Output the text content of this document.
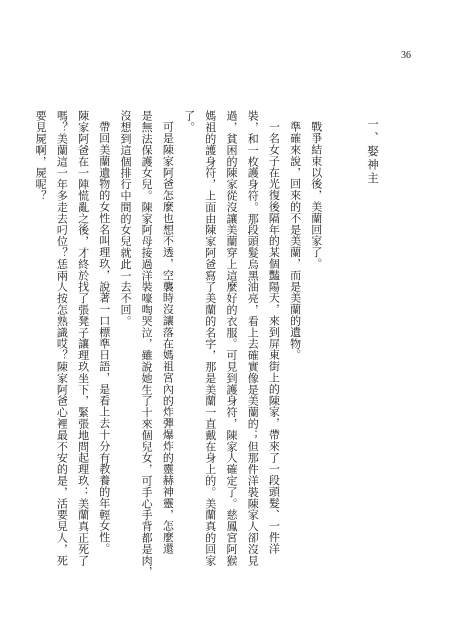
36
一、娶神主
戰爭結束以後，美蘭回家了。
準確來說，回來的不是美蘭，而是美蘭的遺物。
一名女子在光復後隔年的某個豔陽天，來到屏東街上的陳家，帶來了一段頭髮、一件洋
裝，和一枚護身符。那段頭髮烏黑油亮，看上去確實像是美蘭的；但那件洋裝陳家人卻沒見
過，貧困的陳家從沒讓美蘭穿上這麼好的衣服。可見到護身符，陳家人確定了。慈鳳宮阿猴
媽祖的護身符，上面由陳家阿爸寫了美蘭的名字，那是美蘭一直戴在身上的。美蘭真的回家
了。
可是陳家阿爸怎麼也想不透，空襲時沒讓落在媽祖宮內的炸彈爆炸的靈赫神靈，怎麼還
是無法保護女兒。陳家阿母接過洋裝嚎啕哭泣，雖說她生了十來個兒女，可手心手背都是肉，
沒想到這個排行中間的女兒就此一去不回。
帶回美蘭遺物的女性名叫理玖，說著一口標準日語，是看上去十分有教養的年輕女性。
陳家阿爸在一陣慌亂之後，才終於找了張凳子讓理玖坐下，緊張地問起理玖：美蘭真正死了
嗎？美蘭這一年多走去叼位？恁兩人按怎熟識哎？陳家阿爸心裡最不安的是，活要見人，死
要見屍啊，屍呢？
